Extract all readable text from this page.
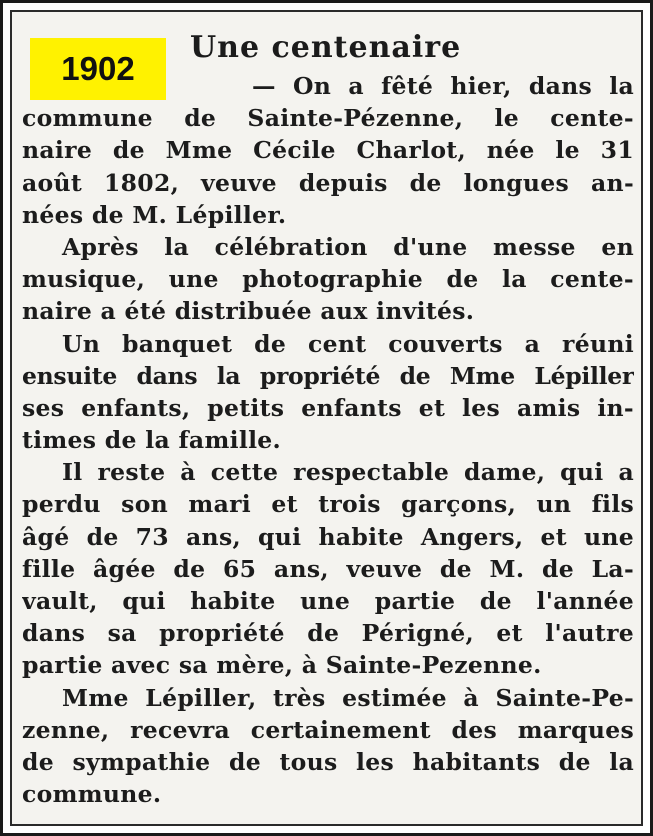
1902
Une centenaire
— On a fêté hier, dans la
commune de Sainte-Pézenne, le cente-
naire de Mme Cécile Charlot, née le 31
août 1802, veuve depuis de longues an-
nées de M. Lépiller.
Après la célébration d'une messe en
musique, une photographie de la cente-
naire a été distribuée aux invités.
Un banquet de cent couverts a réuni
ensuite dans la propriété de Mme Lépiller
ses enfants, petits enfants et les amis in-
times de la famille.
Il reste à cette respectable dame, qui a
perdu son mari et trois garçons, un fils
âgé de 73 ans, qui habite Angers, et une
fille âgée de 65 ans, veuve de M. de La-
vault, qui habite une partie de l'année
dans sa propriété de Périgné, et l'autre
partie avec sa mère, à Sainte-Pezenne.
Mme Lépiller, très estimée à Sainte-Pe-
zenne, recevra certainement des marques
de sympathie de tous les habitants de la
commune.
